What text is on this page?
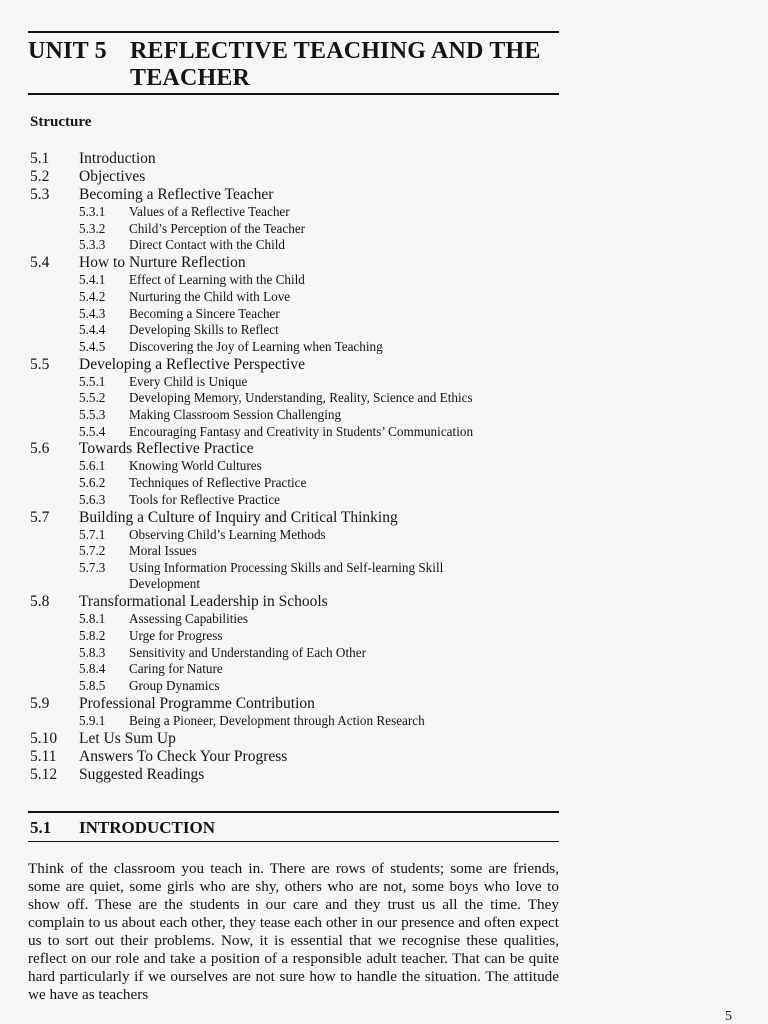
UNIT 5 REFLECTIVE TEACHING AND THE TEACHER
Structure
5.1 Introduction
5.2 Objectives
5.3 Becoming a Reflective Teacher
5.3.1 Values of a Reflective Teacher
5.3.2 Child’s Perception of the Teacher
5.3.3 Direct Contact with the Child
5.4 How to Nurture Reflection
5.4.1 Effect of Learning with the Child
5.4.2 Nurturing the Child with Love
5.4.3 Becoming a Sincere Teacher
5.4.4 Developing Skills to Reflect
5.4.5 Discovering the Joy of Learning when Teaching
5.5 Developing a Reflective Perspective
5.5.1 Every Child is Unique
5.5.2 Developing Memory, Understanding, Reality, Science and Ethics
5.5.3 Making Classroom Session Challenging
5.5.4 Encouraging Fantasy and Creativity in Students’ Communication
5.6 Towards Reflective Practice
5.6.1 Knowing World Cultures
5.6.2 Techniques of Reflective Practice
5.6.3 Tools for Reflective Practice
5.7 Building a Culture of Inquiry and Critical Thinking
5.7.1 Observing Child’s Learning Methods
5.7.2 Moral Issues
5.7.3 Using Information Processing Skills and Self-learning Skill
Development
5.8 Transformational Leadership in Schools
5.8.1 Assessing Capabilities
5.8.2 Urge for Progress
5.8.3 Sensitivity and Understanding of Each Other
5.8.4 Caring for Nature
5.8.5 Group Dynamics
5.9 Professional Programme Contribution
5.9.1 Being a Pioneer, Development through Action Research
5.10 Let Us Sum Up
5.11 Answers To Check Your Progress
5.12 Suggested Readings
5.1 INTRODUCTION
Think of the classroom you teach in. There are rows of students; some are friends, some are quiet, some girls who are shy, others who are not, some boys who love to show off. These are the students in our care and they trust us all the time. They complain to us about each other, they tease each other in our presence and often expect us to sort out their problems. Now, it is essential that we recognise these qualities, reflect on our role and take a position of a responsible adult teacher. That can be quite hard particularly if we ourselves are not sure how to handle the situation. The attitude we have as teachers
5
